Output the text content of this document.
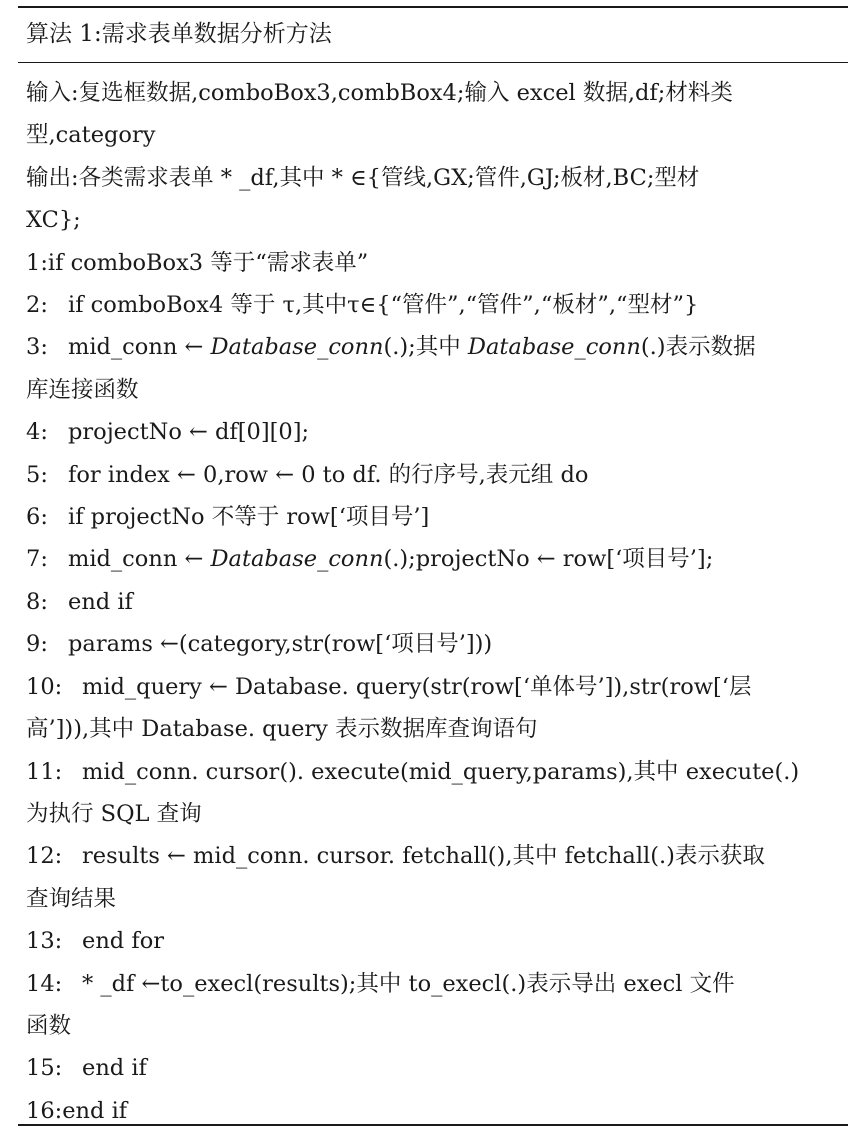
算法 1:需求表单数据分析方法
输入:复选框数据,comboBox3,combBox4;输入 excel 数据,df;材料类
型,category
输出:各类需求表单 * _df,其中 * ∈{管线,GX;管件,GJ;板材,BC;型材
XC};
1:if comboBox3 等于“需求表单”
2: if comboBox4 等于 τ,其中τ∈{“管件”,“管件”,“板材”,“型材”}
3: mid_conn ← Database_conn(.);其中 Database_conn(.)表示数据
库连接函数
4: projectNo ← df[0][0];
5: for index ← 0,row ← 0 to df. 的行序号,表元组 do
6: if projectNo 不等于 row[‘项目号’]
7: mid_conn ← Database_conn(.);projectNo ← row[‘项目号’];
8: end if
9: params ←(category,str(row[‘项目号’]))
10: mid_query ← Database. query(str(row[‘单体号’]),str(row[‘层
高’])),其中 Database. query 表示数据库查询语句
11: mid_conn. cursor(). execute(mid_query,params),其中 execute(.)
为执行 SQL 查询
12: results ← mid_conn. cursor. fetchall(),其中 fetchall(.)表示获取
查询结果
13: end for
14: * _df ←to_execl(results);其中 to_execl(.)表示导出 execl 文件
函数
15: end if
16:end if
